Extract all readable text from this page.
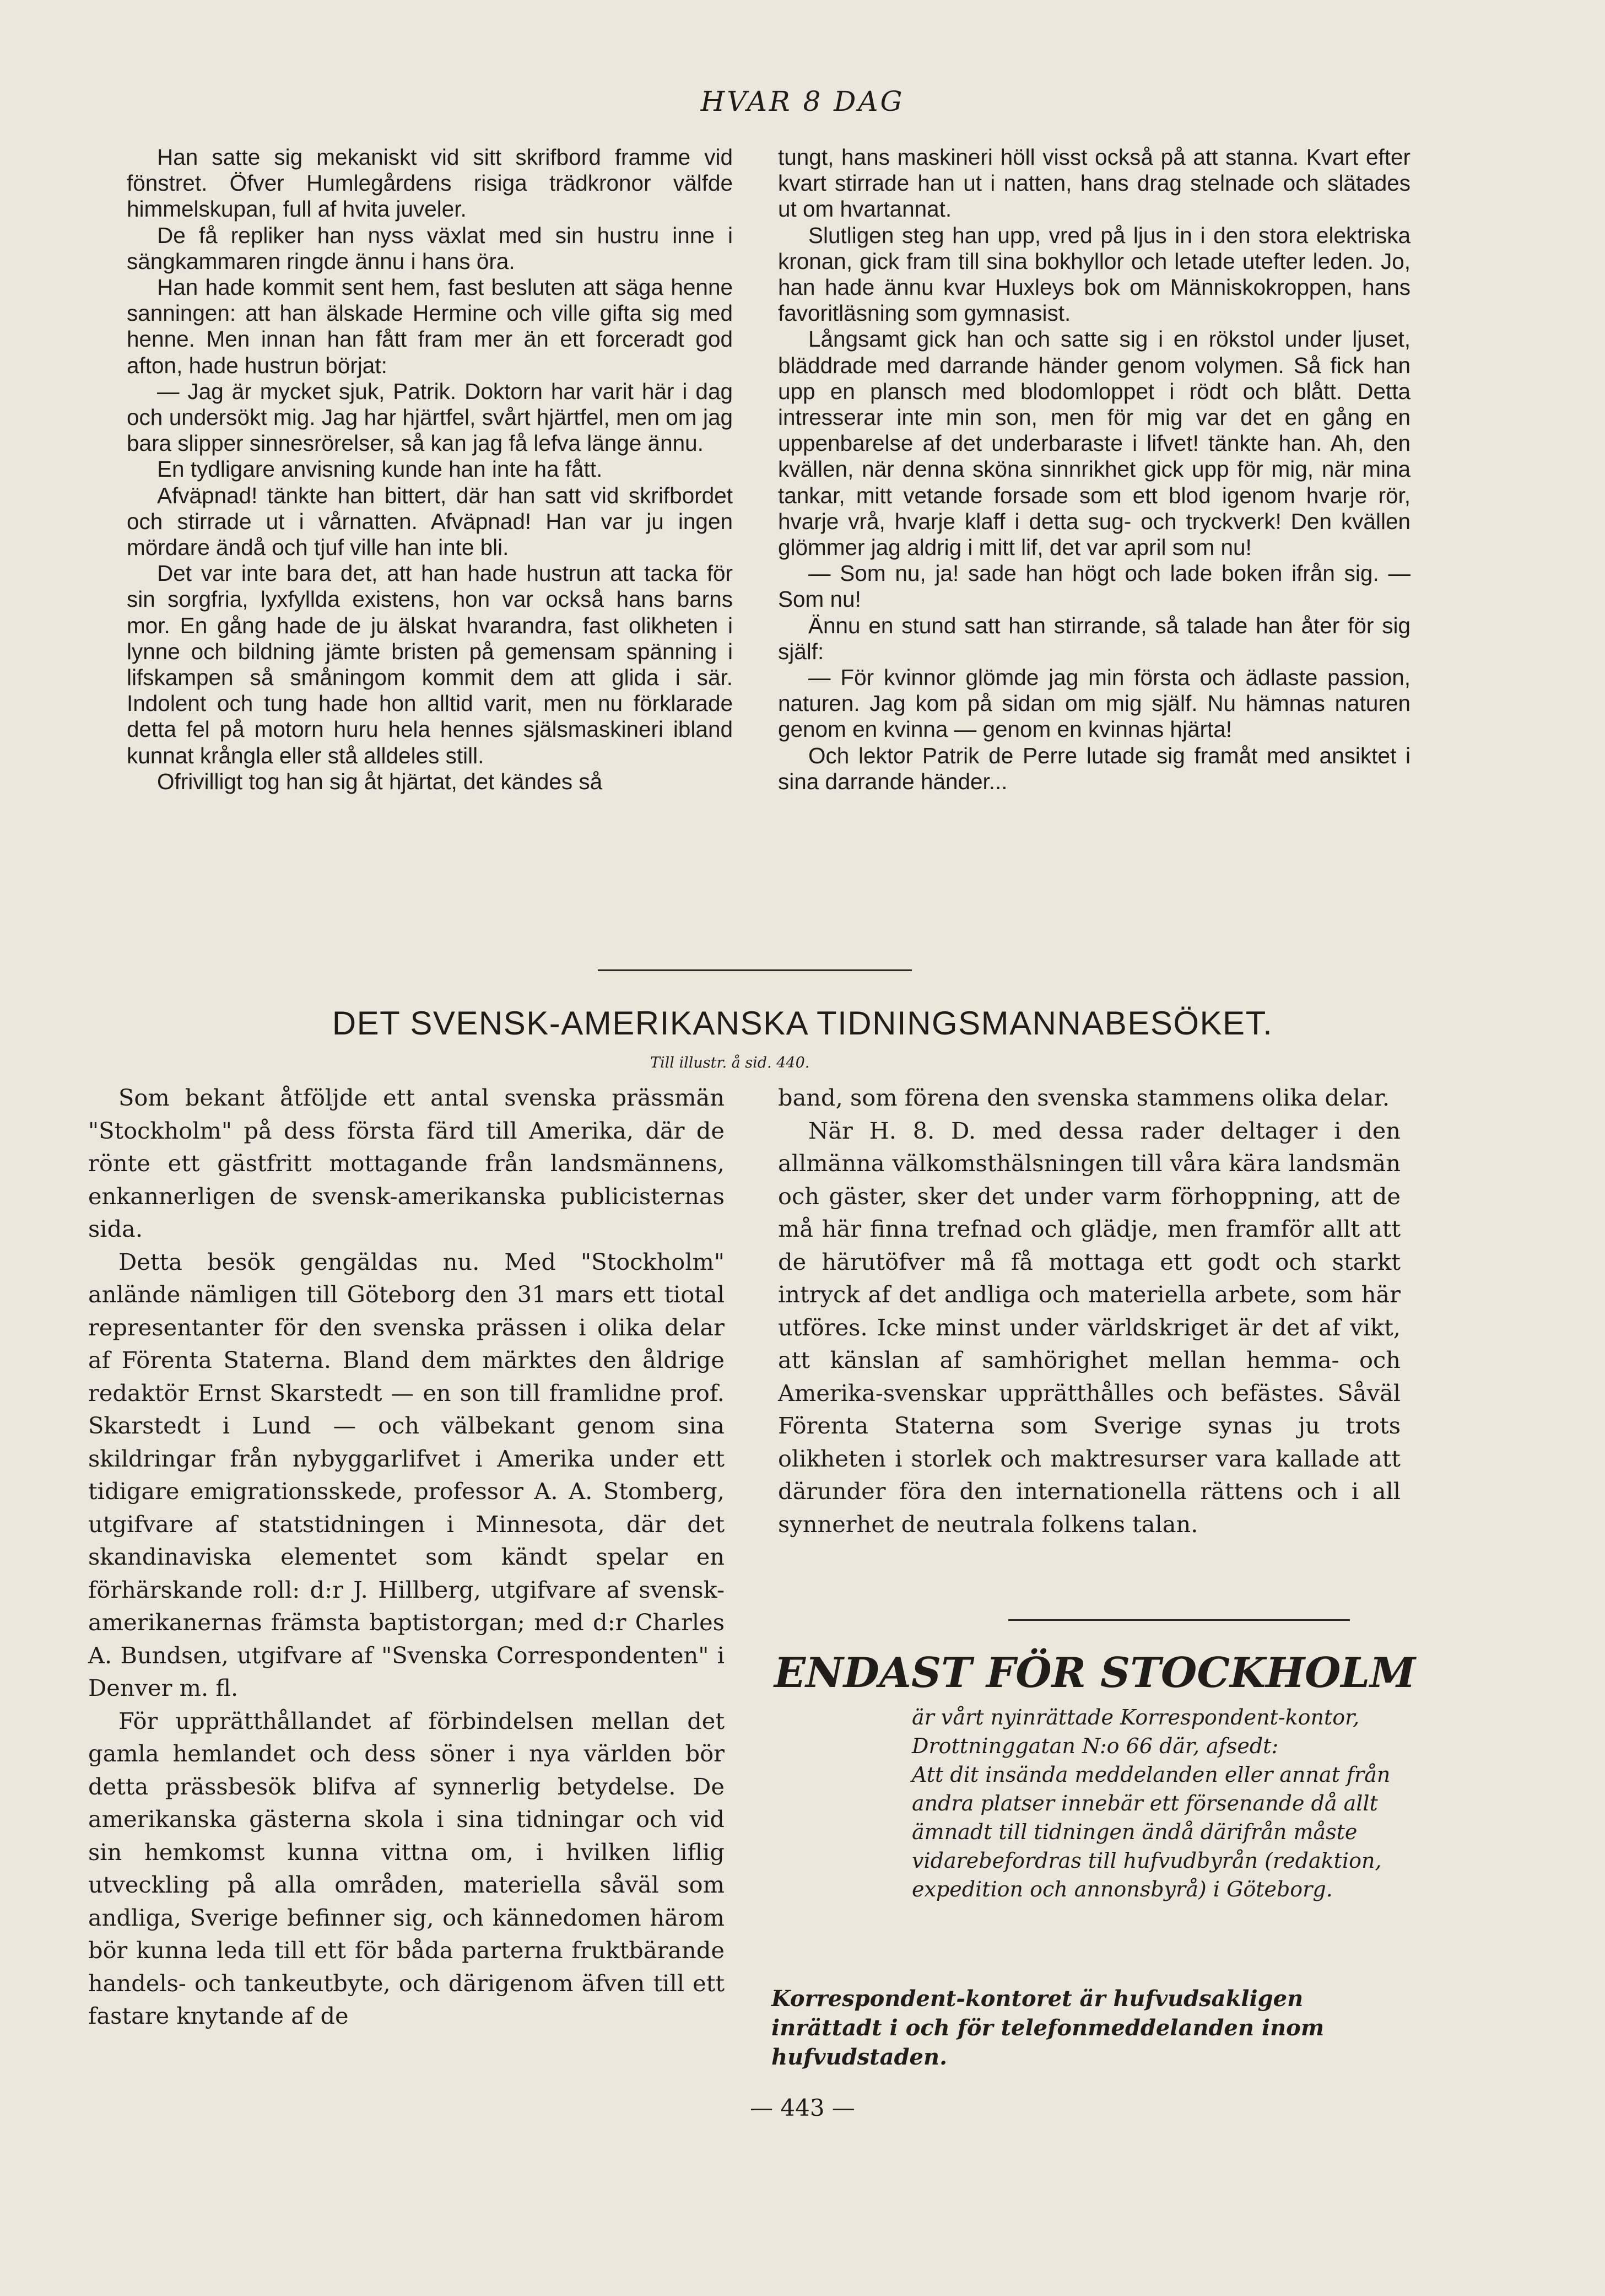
HVAR 8 DAG

Han satte sig mekaniskt vid sitt skrifbord framme vid fönstret. Öfver Humlegårdens risiga trädkronor välfde himmelskupan, full af hvita juveler.

De få repliker han nyss växlat med sin hustru inne i sängkammaren ringde ännu i hans öra.

Han hade kommit sent hem, fast besluten att säga henne sanningen: att han älskade Hermine och ville gifta sig med henne. Men innan han fått fram mer än ett forceradt god afton, hade hustrun börjat:

— Jag är mycket sjuk, Patrik. Doktorn har varit här i dag och undersökt mig. Jag har hjärtfel, svårt hjärtfel, men om jag bara slipper sinnesrörelser, så kan jag få lefva länge ännu.

En tydligare anvisning kunde han inte ha fått.

Afväpnad! tänkte han bittert, där han satt vid skrifbordet och stirrade ut i vårnatten. Afväpnad! Han var ju ingen mördare ändå och tjuf ville han inte bli.

Det var inte bara det, att han hade hustrun att tacka för sin sorgfria, lyxfyllda existens, hon var också hans barns mor. En gång hade de ju älskat hvarandra, fast olikheten i lynne och bildning jämte bristen på gemensam spänning i lifskampen så småningom kommit dem att glida i sär. Indolent och tung hade hon alltid varit, men nu förklarade detta fel på motorn huru hela hennes själsmaskineri ibland kunnat krångla eller stå alldeles still.

Ofrivilligt tog han sig åt hjärtat, det kändes så

tungt, hans maskineri höll visst också på att stanna. Kvart efter kvart stirrade han ut i natten, hans drag stelnade och slätades ut om hvartannat.

Slutligen steg han upp, vred på ljus in i den stora elektriska kronan, gick fram till sina bokhyllor och letade utefter leden. Jo, han hade ännu kvar Huxleys bok om Människokroppen, hans favoritläsning som gymnasist.

Långsamt gick han och satte sig i en rökstol under ljuset, bläddrade med darrande händer genom volymen. Så fick han upp en plansch med blodomloppet i rödt och blått. Detta intresserar inte min son, men för mig var det en gång en uppenbarelse af det underbaraste i lifvet! tänkte han. Ah, den kvällen, när denna sköna sinnrikhet gick upp för mig, när mina tankar, mitt vetande forsade som ett blod igenom hvarje rör, hvarje vrå, hvarje klaff i detta sug- och tryckverk! Den kvällen glömmer jag aldrig i mitt lif, det var april som nu!

— Som nu, ja! sade han högt och lade boken ifrån sig. — Som nu!

Ännu en stund satt han stirrande, så talade han åter för sig själf:

— För kvinnor glömde jag min första och ädlaste passion, naturen. Jag kom på sidan om mig själf. Nu hämnas naturen genom en kvinna — genom en kvinnas hjärta!

Och lektor Patrik de Perre lutade sig framåt med ansiktet i sina darrande händer...

DET SVENSK-AMERIKANSKA TIDNINGSMANNABESÖKET.
Till illustr. å sid. 440.

Som bekant åtföljde ett antal svenska prässmän "Stockholm" på dess första färd till Amerika, där de rönte ett gästfritt mottagande från landsmännens, enkannerligen de svensk-amerikanska publicisternas sida.

Detta besök gengäldas nu. Med "Stockholm" anlände nämligen till Göteborg den 31 mars ett tiotal representanter för den svenska prässen i olika delar af Förenta Staterna. Bland dem märktes den åldrige redaktör Ernst Skarstedt — en son till framlidne prof. Skarstedt i Lund — och välbekant genom sina skildringar från nybyggarlifvet i Amerika under ett tidigare emigrationsskede, professor A. A. Stomberg, utgifvare af statstidningen i Minnesota, där det skandinaviska elementet som kändt spelar en förhärskande roll: d:r J. Hillberg, utgifvare af svensk-amerikanernas främsta baptistorgan; med d:r Charles A. Bundsen, utgifvare af "Svenska Correspondenten" i Denver m. fl.

För upprätthållandet af förbindelsen mellan det gamla hemlandet och dess söner i nya världen bör detta prässbesök blifva af synnerlig betydelse. De amerikanska gästerna skola i sina tidningar och vid sin hemkomst kunna vittna om, i hvilken liflig utveckling på alla områden, materiella såväl som andliga, Sverige befinner sig, och kännedomen härom bör kunna leda till ett för båda parterna fruktbärande handels- och tankeutbyte, och därigenom äfven till ett fastare knytande af de

band, som förena den svenska stammens olika delar.

När H. 8. D. med dessa rader deltager i den allmänna välkomsthälsningen till våra kära landsmän och gäster, sker det under varm förhoppning, att de må här finna trefnad och glädje, men framför allt att de härutöfver må få mottaga ett godt och starkt intryck af det andliga och materiella arbete, som här utföres. Icke minst under världskriget är det af vikt, att känslan af samhörighet mellan hemma- och Amerika-svenskar upprätthålles och befästes. Såväl Förenta Staterna som Sverige synas ju trots olikheten i storlek och maktresurser vara kallade att därunder föra den internationella rättens och i all synnerhet de neutrala folkens talan.

ENDAST FÖR STOCKHOLM

är vårt nyinrättade Korrespondent-kontor, Drottninggatan N:o 66 där, afsedt:

Att dit insända meddelanden eller annat från andra platser innebär ett försenande då allt ämnadt till tidningen ändå därifrån måste vidarebefordras till hufvudbyrån (redaktion, expedition och annonsbyrå) i Göteborg.

Korrespondent-kontoret är hufvudsakligen inrättadt i och för telefonmeddelanden inom hufvudstaden.
— 443 —
